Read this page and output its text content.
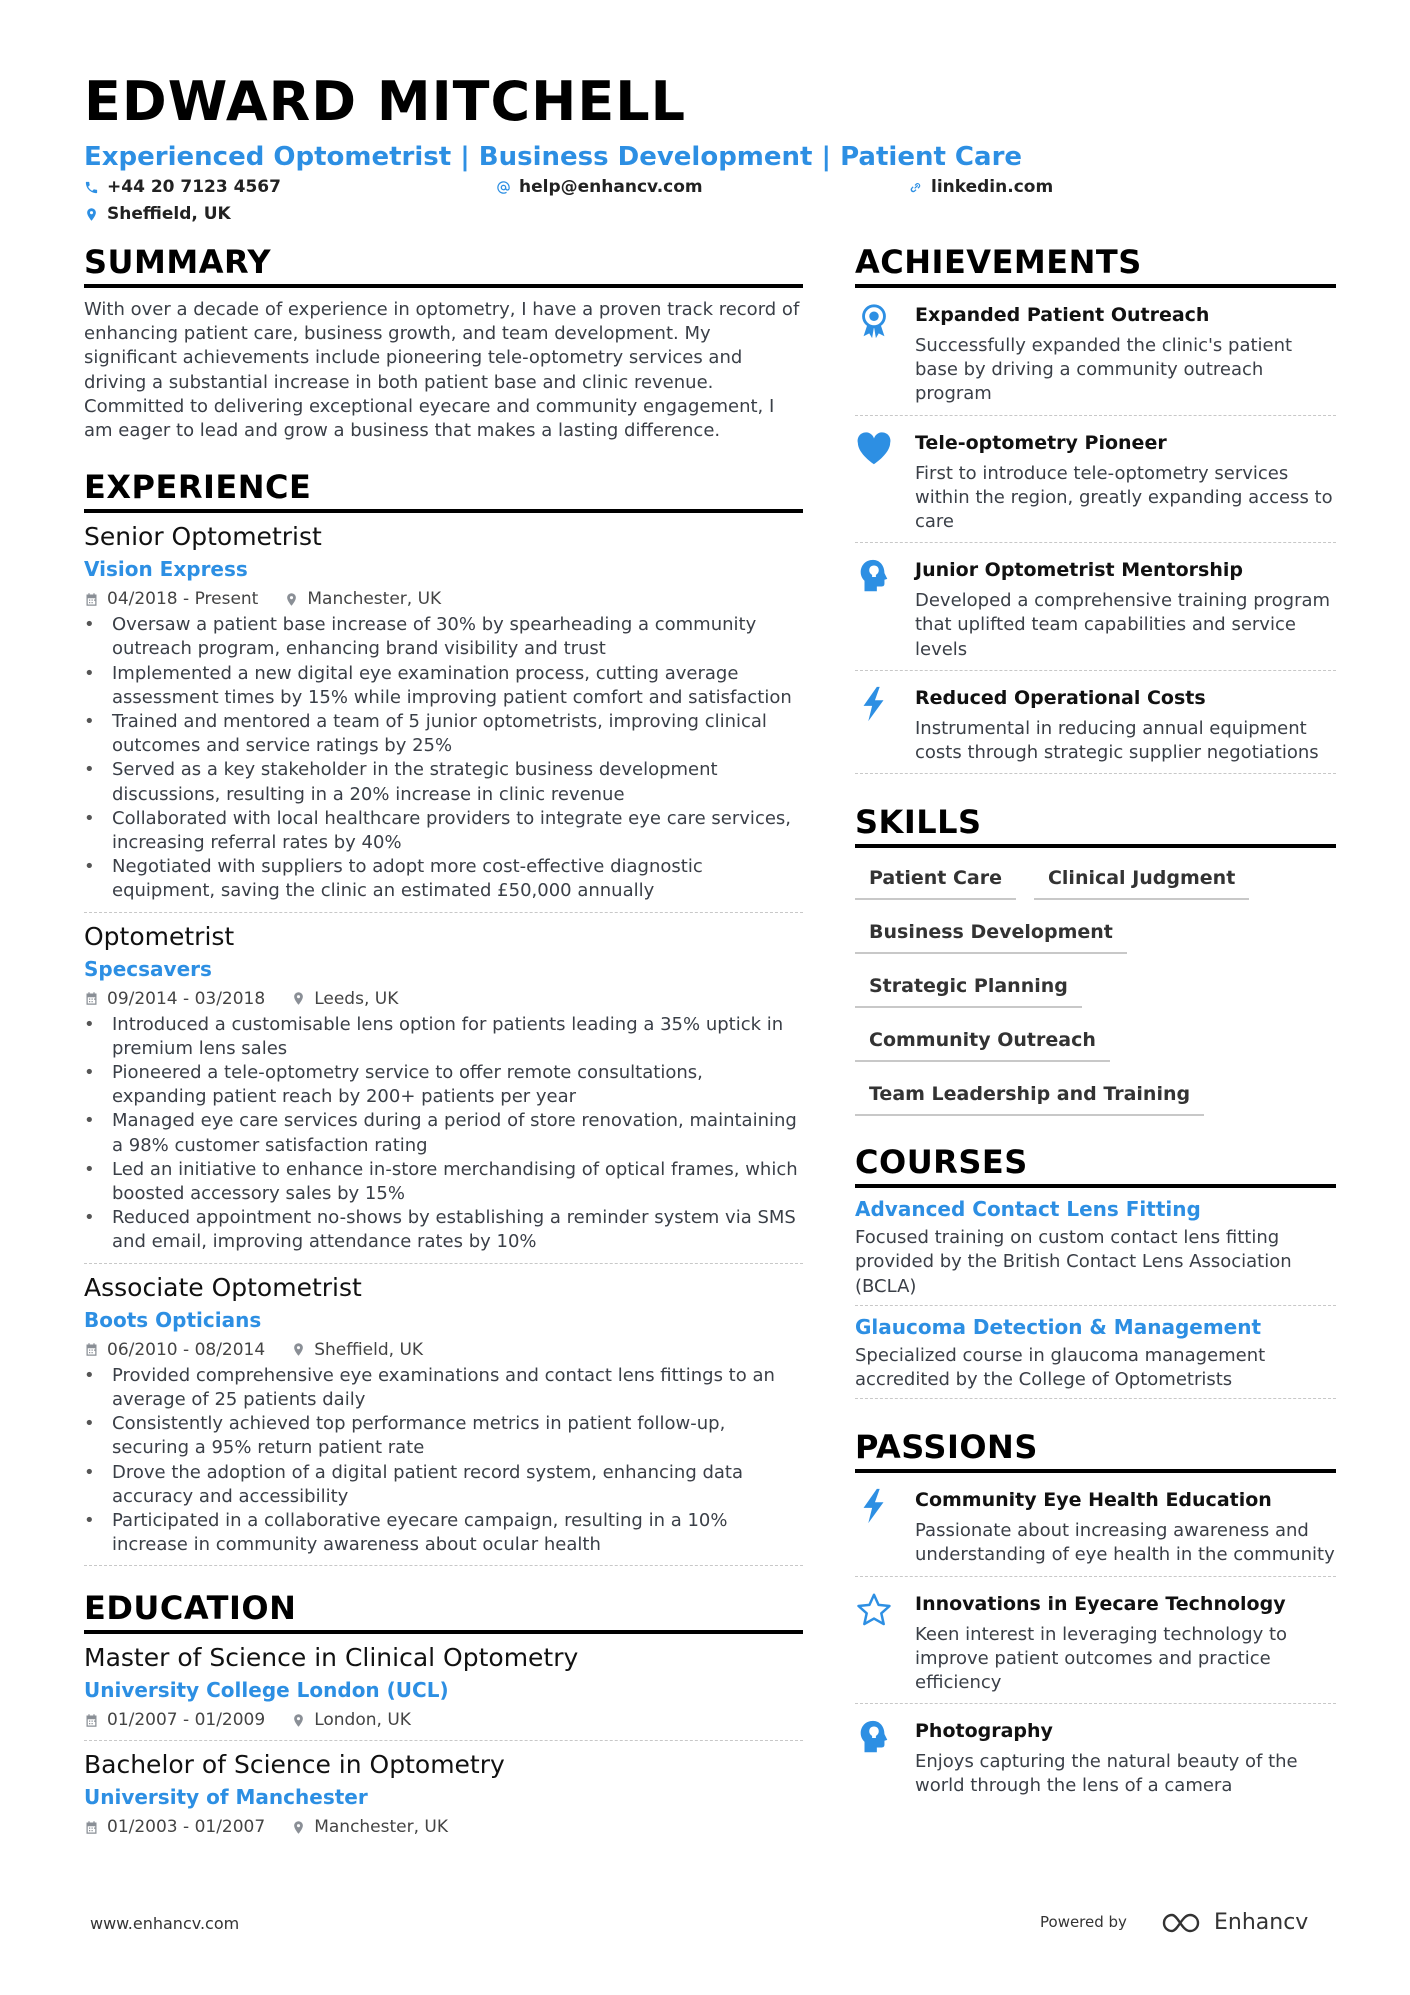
EDWARD MITCHELL
Experienced Optometrist | Business Development | Patient Care
+44 20 7123 4567	help@enhancv.com	linkedin.com
Sheffield, UK
SUMMARY
With over a decade of experience in optometry, I have a proven track record of enhancing patient care, business growth, and team development. My significant achievements include pioneering tele-optometry services and driving a substantial increase in both patient base and clinic revenue. Committed to delivering exceptional eyecare and community engagement, I am eager to lead and grow a business that makes a lasting difference.
EXPERIENCE
Senior Optometrist
Vision Express
04/2018 - Present	Manchester, UK
• Oversaw a patient base increase of 30% by spearheading a community outreach program, enhancing brand visibility and trust
• Implemented a new digital eye examination process, cutting average assessment times by 15% while improving patient comfort and satisfaction
• Trained and mentored a team of 5 junior optometrists, improving clinical outcomes and service ratings by 25%
• Served as a key stakeholder in the strategic business development discussions, resulting in a 20% increase in clinic revenue
• Collaborated with local healthcare providers to integrate eye care services, increasing referral rates by 40%
• Negotiated with suppliers to adopt more cost-effective diagnostic equipment, saving the clinic an estimated £50,000 annually
Optometrist
Specsavers
09/2014 - 03/2018	Leeds, UK
• Introduced a customisable lens option for patients leading a 35% uptick in premium lens sales
• Pioneered a tele-optometry service to offer remote consultations, expanding patient reach by 200+ patients per year
• Managed eye care services during a period of store renovation, maintaining a 98% customer satisfaction rating
• Led an initiative to enhance in-store merchandising of optical frames, which boosted accessory sales by 15%
• Reduced appointment no-shows by establishing a reminder system via SMS and email, improving attendance rates by 10%
Associate Optometrist
Boots Opticians
06/2010 - 08/2014	Sheffield, UK
• Provided comprehensive eye examinations and contact lens fittings to an average of 25 patients daily
• Consistently achieved top performance metrics in patient follow-up, securing a 95% return patient rate
• Drove the adoption of a digital patient record system, enhancing data accuracy and accessibility
• Participated in a collaborative eyecare campaign, resulting in a 10% increase in community awareness about ocular health
EDUCATION
Master of Science in Clinical Optometry
University College London (UCL)
01/2007 - 01/2009	London, UK
Bachelor of Science in Optometry
University of Manchester
01/2003 - 01/2007	Manchester, UK
ACHIEVEMENTS
Expanded Patient Outreach
Successfully expanded the clinic's patient base by driving a community outreach program
Tele-optometry Pioneer
First to introduce tele-optometry services within the region, greatly expanding access to care
Junior Optometrist Mentorship
Developed a comprehensive training program that uplifted team capabilities and service levels
Reduced Operational Costs
Instrumental in reducing annual equipment costs through strategic supplier negotiations
SKILLS
Patient Care	Clinical Judgment
Business Development
Strategic Planning
Community Outreach
Team Leadership and Training
COURSES
Advanced Contact Lens Fitting
Focused training on custom contact lens fitting provided by the British Contact Lens Association (BCLA)
Glaucoma Detection & Management
Specialized course in glaucoma management accredited by the College of Optometrists
PASSIONS
Community Eye Health Education
Passionate about increasing awareness and understanding of eye health in the community
Innovations in Eyecare Technology
Keen interest in leveraging technology to improve patient outcomes and practice efficiency
Photography
Enjoys capturing the natural beauty of the world through the lens of a camera
www.enhancv.com	Powered by	Enhancv
